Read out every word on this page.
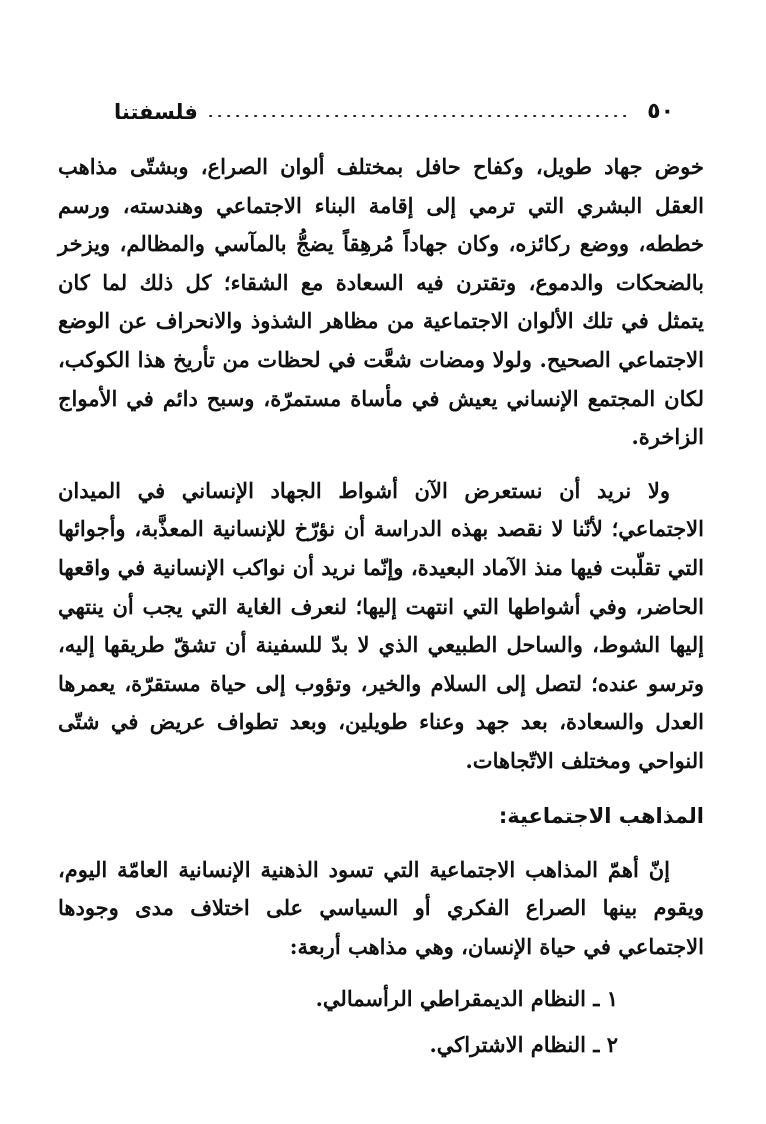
٥٠
فلسفتنا

خوض جهاد طويل، وكفاح حافل بمختلف ألوان الصراع، وبشتّى مذاهب العقل البشري التي ترمي إلى إقامة البناء الاجتماعي وهندسته، ورسم خططه، ووضع ركائزه، وكان جهاداً مُرهِقاً يضجُّ بالمآسي والمظالم، ويزخر بالضحكات والدموع، وتقترن فيه السعادة مع الشقاء؛ كل ذلك لما كان يتمثل في تلك الألوان الاجتماعية من مظاهر الشذوذ والانحراف عن الوضع الاجتماعي الصحيح. ولولا ومضات شعَّت في لحظات من تأريخ هذا الكوكب، لكان المجتمع الإنساني يعيش في مأساة مستمرّة، وسبح دائم في الأمواج الزاخرة.

ولا نريد أن نستعرض الآن أشواط الجهاد الإنساني في الميدان الاجتماعي؛ لأنّنا لا نقصد بهذه الدراسة أن نؤرّخ للإنسانية المعذَّبة، وأجوائها التي تقلّبت فيها منذ الآماد البعيدة، وإنّما نريد أن نواكب الإنسانية في واقعها الحاضر، وفي أشواطها التي انتهت إليها؛ لنعرف الغاية التي يجب أن ينتهي إليها الشوط، والساحل الطبيعي الذي لا بدّ للسفينة أن تشقّ طريقها إليه، وترسو عنده؛ لتصل إلى السلام والخير، وتؤوب إلى حياة مستقرّة، يعمرها العدل والسعادة، بعد جهد وعناء طويلين، وبعد تطواف عريض في شتّى النواحي ومختلف الاتّجاهات.

المذاهب الاجتماعية:

إنّ أهمّ المذاهب الاجتماعية التي تسود الذهنية الإنسانية العامّة اليوم، ويقوم بينها الصراع الفكري أو السياسي على اختلاف مدى وجودها الاجتماعي في حياة الإنسان، وهي مذاهب أربعة:

١ ـ النظام الديمقراطي الرأسمالي.

٢ ـ النظام الاشتراكي.
